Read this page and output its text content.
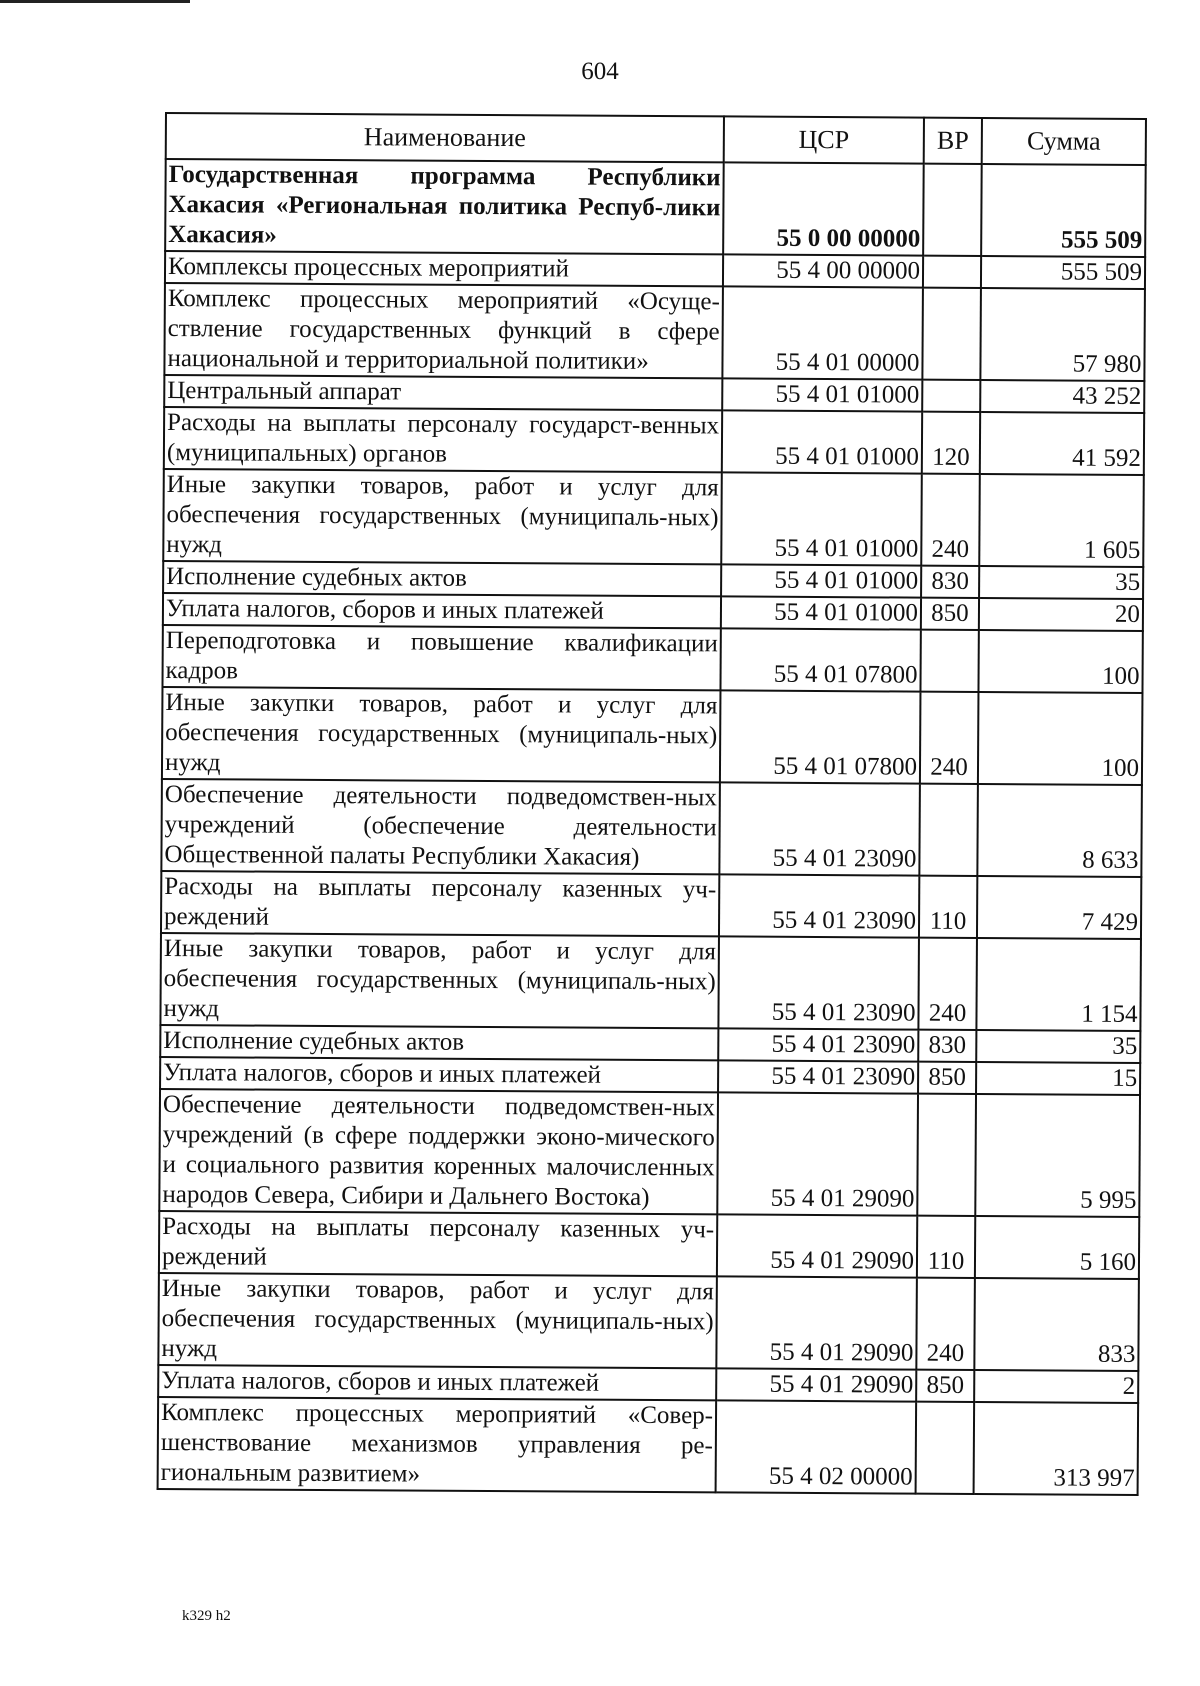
604
Наименование	ЦСР	ВР	Сумма
Государственная программа Республики Хакасия «Региональная политика Респуб-лики Хакасия»	55 0 00 00000		555 509
Комплексы процессных мероприятий	55 4 00 00000		555 509
Комплекс процессных мероприятий «Осуще-ствление государственных функций в сфере национальной и территориальной политики»	55 4 01 00000		57 980
Центральный аппарат	55 4 01 01000		43 252
Расходы на выплаты персоналу государст-венных (муниципальных) органов	55 4 01 01000	120	41 592
Иные закупки товаров, работ и услуг для обеспечения государственных (муниципаль-ных) нужд	55 4 01 01000	240	1 605
Исполнение судебных актов	55 4 01 01000	830	35
Уплата налогов, сборов и иных платежей	55 4 01 01000	850	20
Переподготовка и повышение квалификации кадров	55 4 01 07800		100
Иные закупки товаров, работ и услуг для обеспечения государственных (муниципаль-ных) нужд	55 4 01 07800	240	100
Обеспечение деятельности подведомствен-ных учреждений (обеспечение деятельности Общественной палаты Республики Хакасия)	55 4 01 23090		8 633
Расходы на выплаты персоналу казенных уч-реждений	55 4 01 23090	110	7 429
Иные закупки товаров, работ и услуг для обеспечения государственных (муниципаль-ных) нужд	55 4 01 23090	240	1 154
Исполнение судебных актов	55 4 01 23090	830	35
Уплата налогов, сборов и иных платежей	55 4 01 23090	850	15
Обеспечение деятельности подведомствен-ных учреждений (в сфере поддержки эконо-мического и социального развития коренных малочисленных народов Севера, Сибири и Дальнего Востока)	55 4 01 29090		5 995
Расходы на выплаты персоналу казенных уч-реждений	55 4 01 29090	110	5 160
Иные закупки товаров, работ и услуг для обеспечения государственных (муниципаль-ных) нужд	55 4 01 29090	240	833
Уплата налогов, сборов и иных платежей	55 4 01 29090	850	2
Комплекс процессных мероприятий «Совер-шенствование механизмов управления ре-гиональным развитием»	55 4 02 00000		313 997
k329 h2
